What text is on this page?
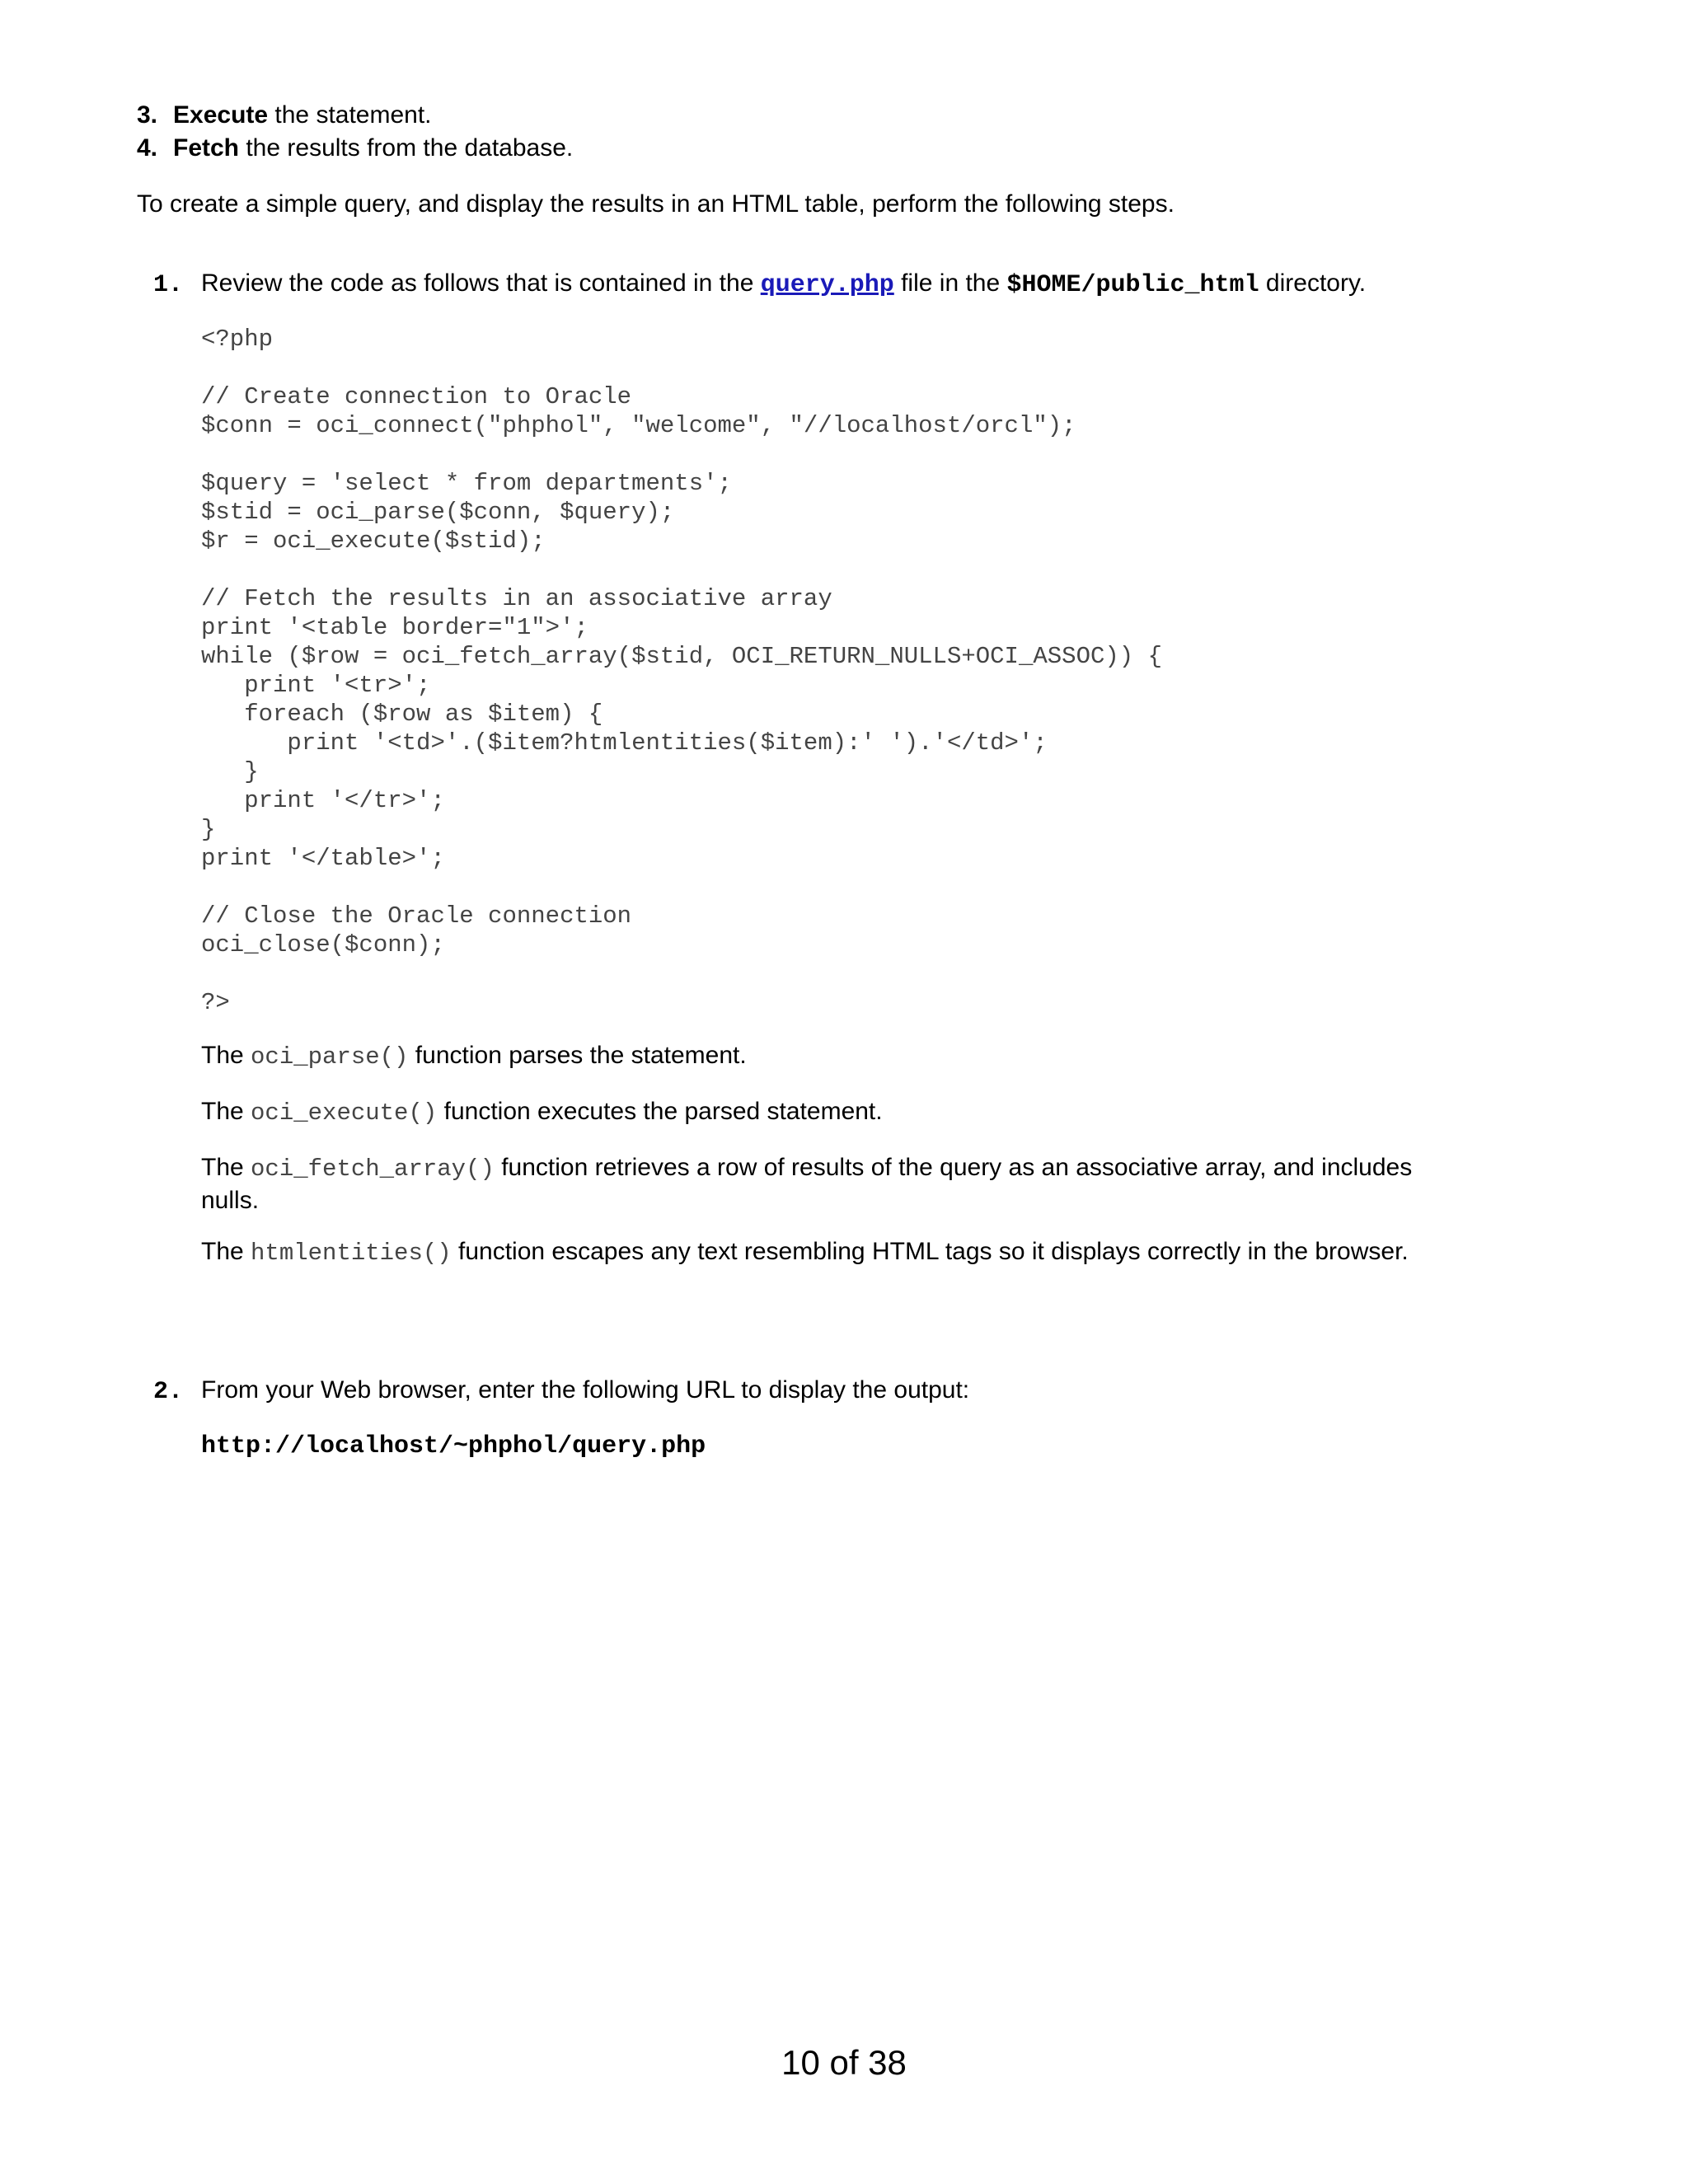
3. Execute the statement.
4. Fetch the results from the database.
To create a simple query, and display the results in an HTML table, perform the following steps.
1. Review the code as follows that is contained in the query.php file in the $HOME/public_html directory.
<?php

// Create connection to Oracle
$conn = oci_connect("phphol", "welcome", "//localhost/orcl");

$query = 'select * from departments';
$stid = oci_parse($conn, $query);
$r = oci_execute($stid);

// Fetch the results in an associative array
print '<table border="1">';
while ($row = oci_fetch_array($stid, OCI_RETURN_NULLS+OCI_ASSOC)) {
print '<tr>';
foreach ($row as $item) {
print '<td>'.($item?htmlentities($item):' ').'</td>';
}
print '</tr>';
}
print '</table>';

// Close the Oracle connection
oci_close($conn);

?>
The oci_parse() function parses the statement.
The oci_execute() function executes the parsed statement.
The oci_fetch_array() function retrieves a row of results of the query as an associative array, and includes nulls.
The htmlentities() function escapes any text resembling HTML tags so it displays correctly in the browser.
2. From your Web browser, enter the following URL to display the output:
http://localhost/~phphol/query.php
10 of 38
